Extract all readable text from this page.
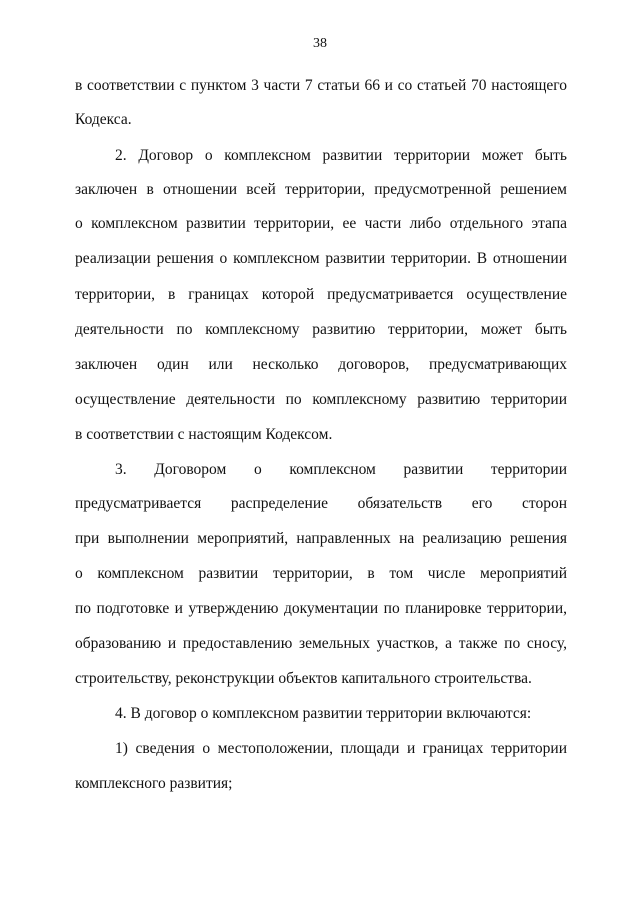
38
в соответствии с пунктом 3 части 7 статьи 66 и со статьей 70 настоящего
Кодекса.
2. Договор о комплексном развитии территории может быть
заключен в отношении всей территории, предусмотренной решением
о комплексном развитии территории, ее части либо отдельного этапа
реализации решения о комплексном развитии территории. В отношении
территории, в границах которой предусматривается осуществление
деятельности по комплексному развитию территории, может быть
заключен один или несколько договоров, предусматривающих
осуществление деятельности по комплексному развитию территории
в соответствии с настоящим Кодексом.
3. Договором о комплексном развитии территории
предусматривается распределение обязательств его сторон
при выполнении мероприятий, направленных на реализацию решения
о комплексном развитии территории, в том числе мероприятий
по подготовке и утверждению документации по планировке территории,
образованию и предоставлению земельных участков, а также по сносу,
строительству, реконструкции объектов капитального строительства.
4. В договор о комплексном развитии территории включаются:
1) сведения о местоположении, площади и границах территории
комплексного развития;
